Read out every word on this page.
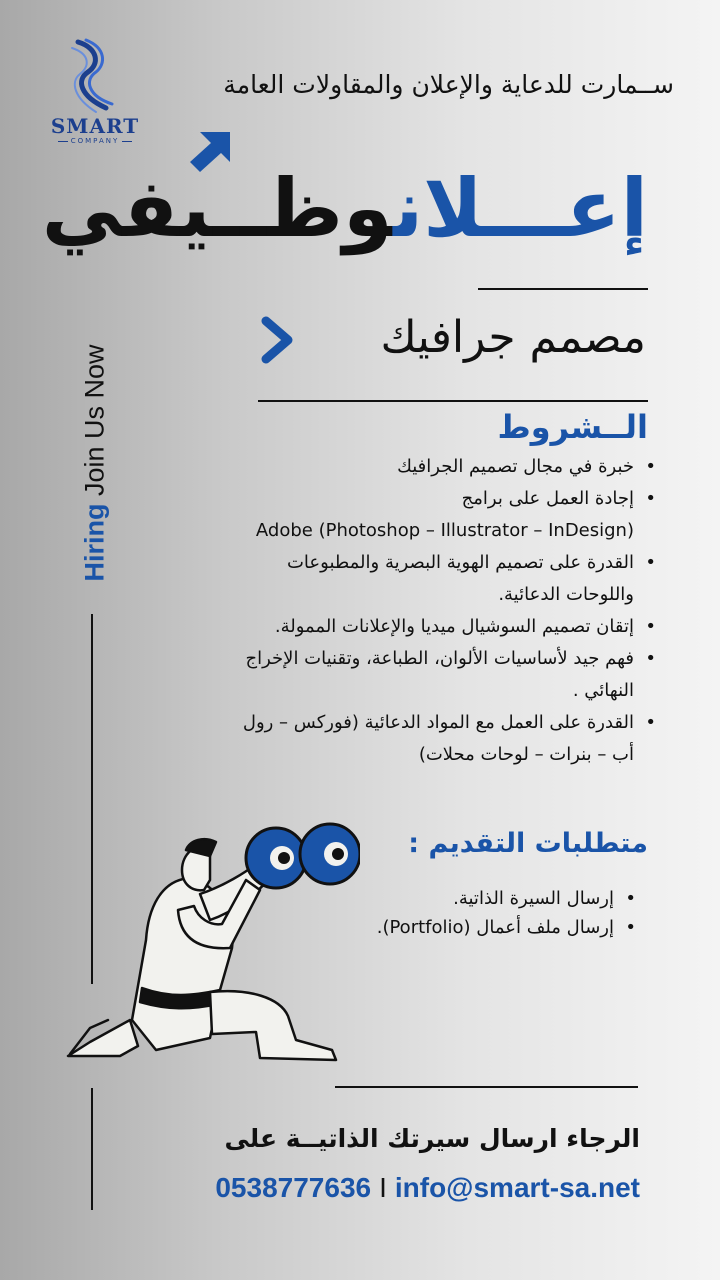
SMART
COMPANY
ســمارت للدعاية والإعلان والمقاولات العامة
إعـــلانوظــيفي
مصمم جرافيك
الــشروط
• خبرة في مجال تصميم الجرافيك
• إجادة العمل على برامج
Adobe (Photoshop – Illustrator – InDesign)
• القدرة على تصميم الهوية البصرية والمطبوعات
واللوحات الدعائية.
• إتقان تصميم السوشيال ميديا والإعلانات الممولة.
• فهم جيد لأساسيات الألوان، الطباعة، وتقنيات الإخراج
النهائي .
• القدرة على العمل مع المواد الدعائية (فوركس – رول
أب – بنرات – لوحات محلات)
متطلبات التقديم :
• إرسال السيرة الذاتية.
• إرسال ملف أعمال (Portfolio).
Hiring Join Us Now
الرجاء ارسال سيرتك الذاتيــة على
0538777636 I info@smart-sa.net
